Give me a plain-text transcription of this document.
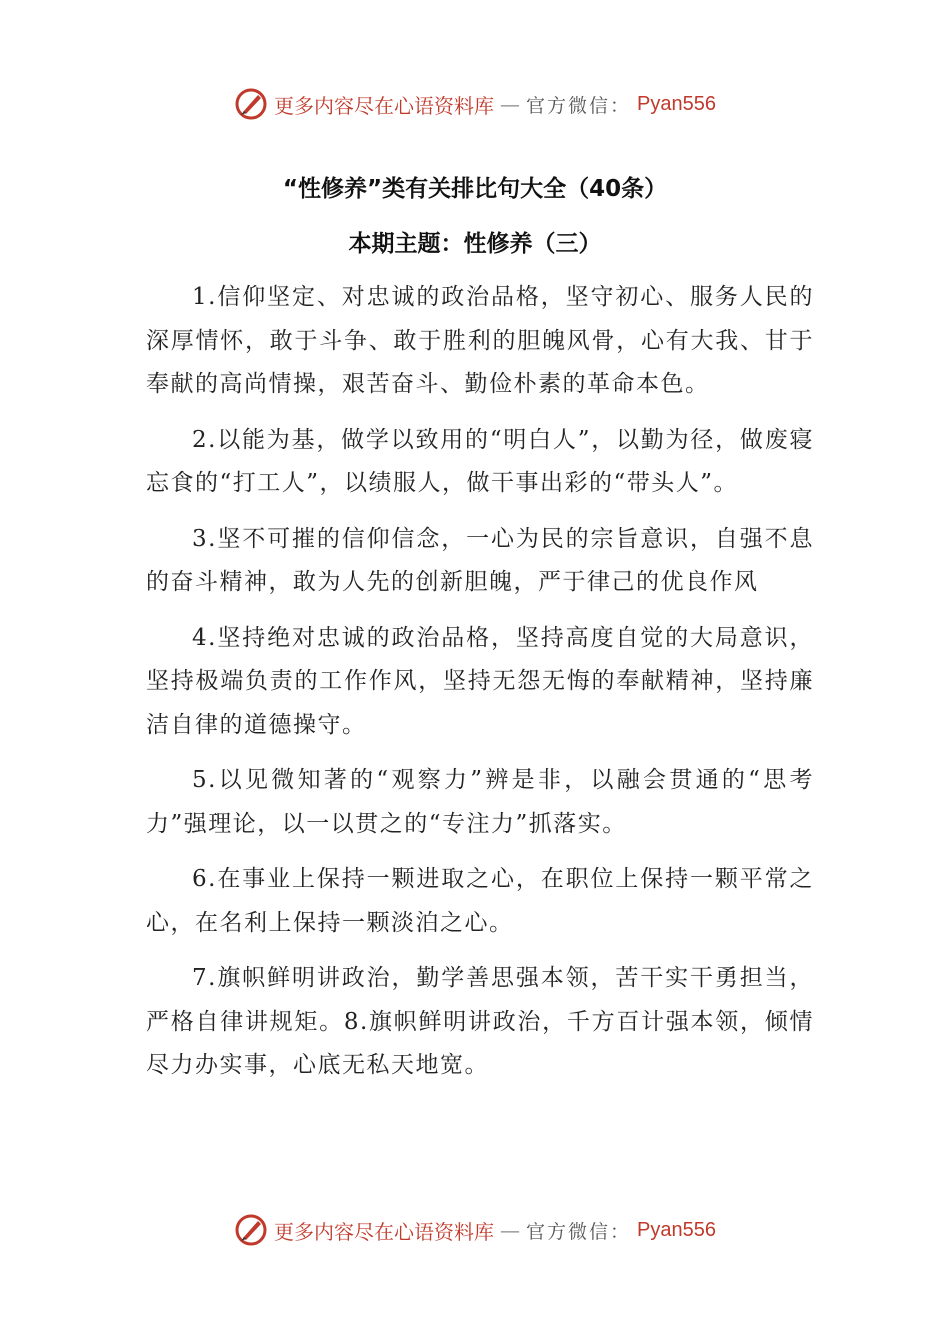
更多内容尽在心语资料库 — 官方微信： Pyan556
“性修养”类有关排比句大全（40条）
本期主题：性修养（三）

1.信仰坚定、对忠诚的政治品格，坚守初心、服务人民的深厚情怀，敢于斗争、敢于胜利的胆魄风骨，心有大我、甘于奉献的高尚情操，艰苦奋斗、勤俭朴素的革命本色。

2.以能为基，做学以致用的“明白人”，以勤为径，做废寝忘食的“打工人”，以绩服人，做干事出彩的“带头人”。

3.坚不可摧的信仰信念，一心为民的宗旨意识，自强不息的奋斗精神，敢为人先的创新胆魄，严于律己的优良作风

4.坚持绝对忠诚的政治品格，坚持高度自觉的大局意识，坚持极端负责的工作作风，坚持无怨无悔的奉献精神，坚持廉洁自律的道德操守。

5.以见微知著的“观察力”辨是非，以融会贯通的“思考力”强理论，以一以贯之的“专注力”抓落实。

6.在事业上保持一颗进取之心，在职位上保持一颗平常之心，在名利上保持一颗淡泊之心。

7.旗帜鲜明讲政治，勤学善思强本领，苦干实干勇担当，严格自律讲规矩。8.旗帜鲜明讲政治，千方百计强本领，倾情尽力办实事，心底无私天地宽。

更多内容尽在心语资料库 — 官方微信： Pyan556
